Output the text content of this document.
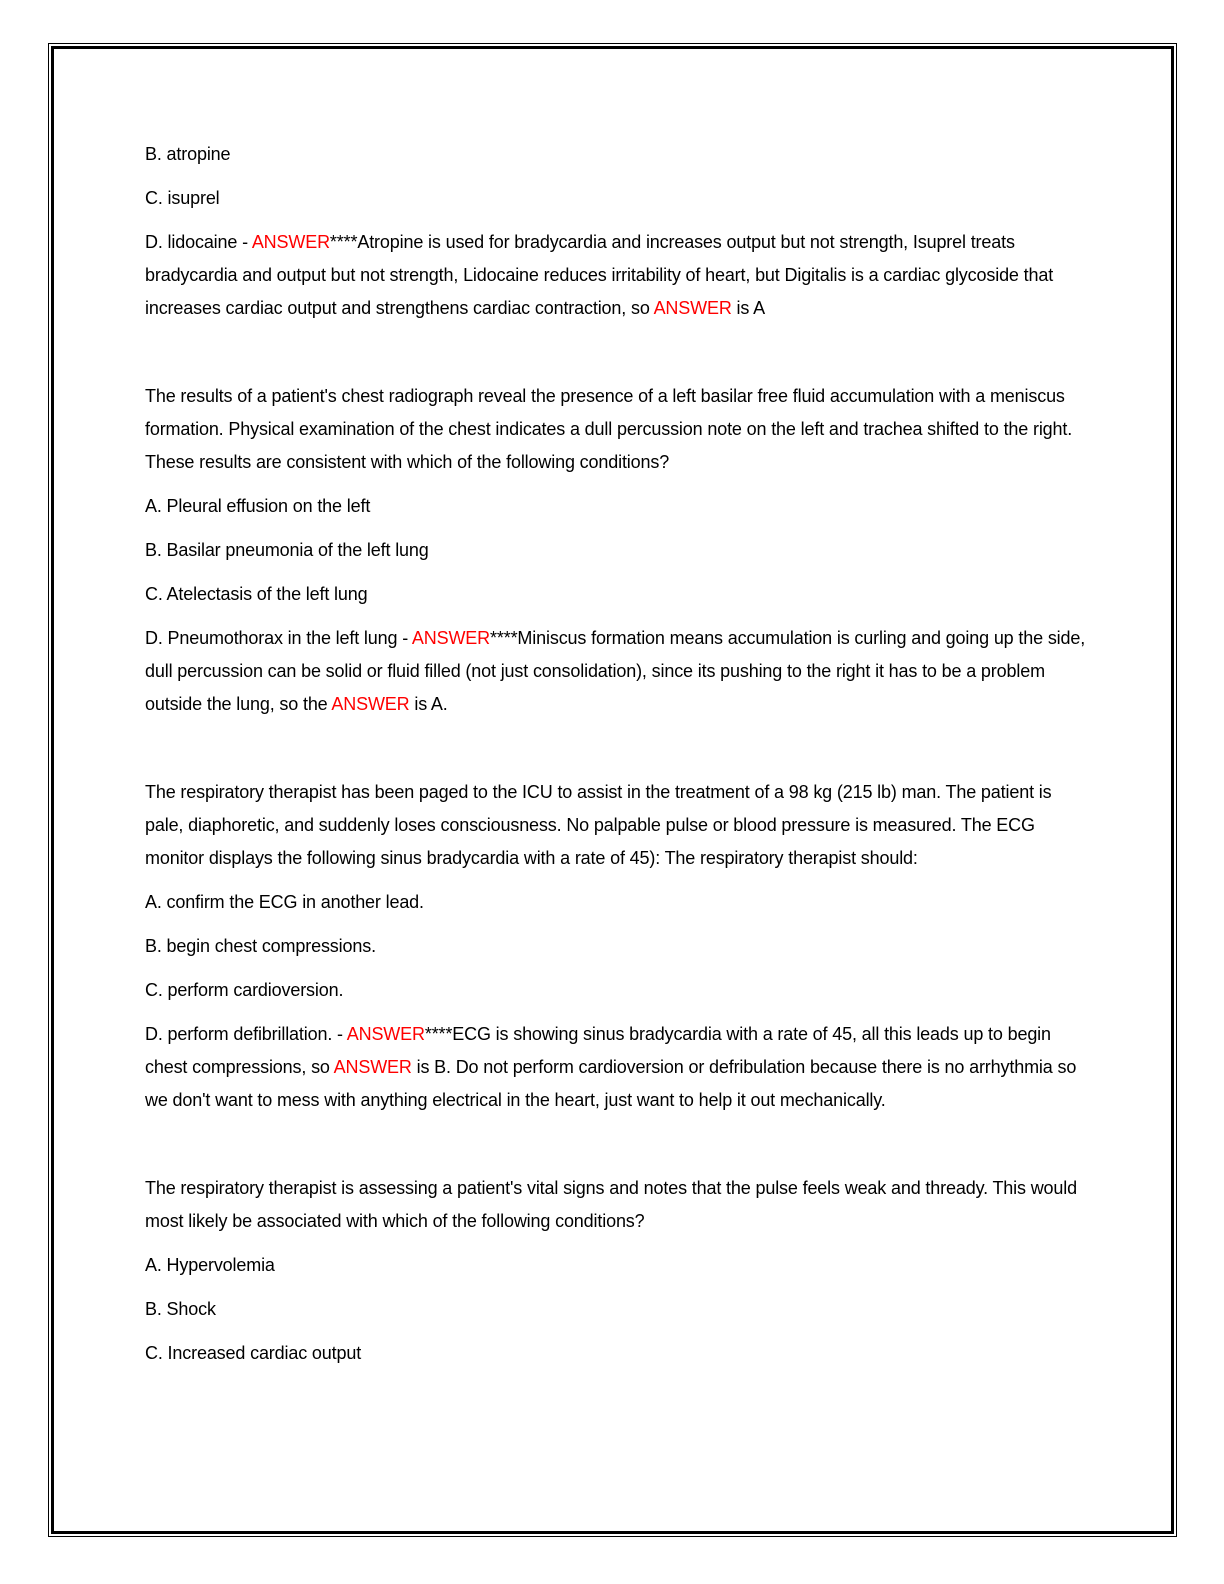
B. atropine

C. isuprel

D. lidocaine - ANSWER****Atropine is used for bradycardia and increases output but not strength, Isuprel treats bradycardia and output but not strength, Lidocaine reduces irritability of heart, but Digitalis is a cardiac glycoside that increases cardiac output and strengthens cardiac contraction, so ANSWER is A

The results of a patient's chest radiograph reveal the presence of a left basilar free fluid accumulation with a meniscus formation. Physical examination of the chest indicates a dull percussion note on the left and trachea shifted to the right. These results are consistent with which of the following conditions?

A. Pleural effusion on the left

B. Basilar pneumonia of the left lung

C. Atelectasis of the left lung

D. Pneumothorax in the left lung - ANSWER****Miniscus formation means accumulation is curling and going up the side, dull percussion can be solid or fluid filled (not just consolidation), since its pushing to the right it has to be a problem outside the lung, so the ANSWER is A.

The respiratory therapist has been paged to the ICU to assist in the treatment of a 98 kg (215 lb) man. The patient is pale, diaphoretic, and suddenly loses consciousness. No palpable pulse or blood pressure is measured. The ECG monitor displays the following sinus bradycardia with a rate of 45): The respiratory therapist should:

A. confirm the ECG in another lead.

B. begin chest compressions.

C. perform cardioversion.

D. perform defibrillation. - ANSWER****ECG is showing sinus bradycardia with a rate of 45, all this leads up to begin chest compressions, so ANSWER is B. Do not perform cardioversion or defribulation because there is no arrhythmia so we don't want to mess with anything electrical in the heart, just want to help it out mechanically.

The respiratory therapist is assessing a patient's vital signs and notes that the pulse feels weak and thready. This would most likely be associated with which of the following conditions?

A. Hypervolemia

B. Shock

C. Increased cardiac output
